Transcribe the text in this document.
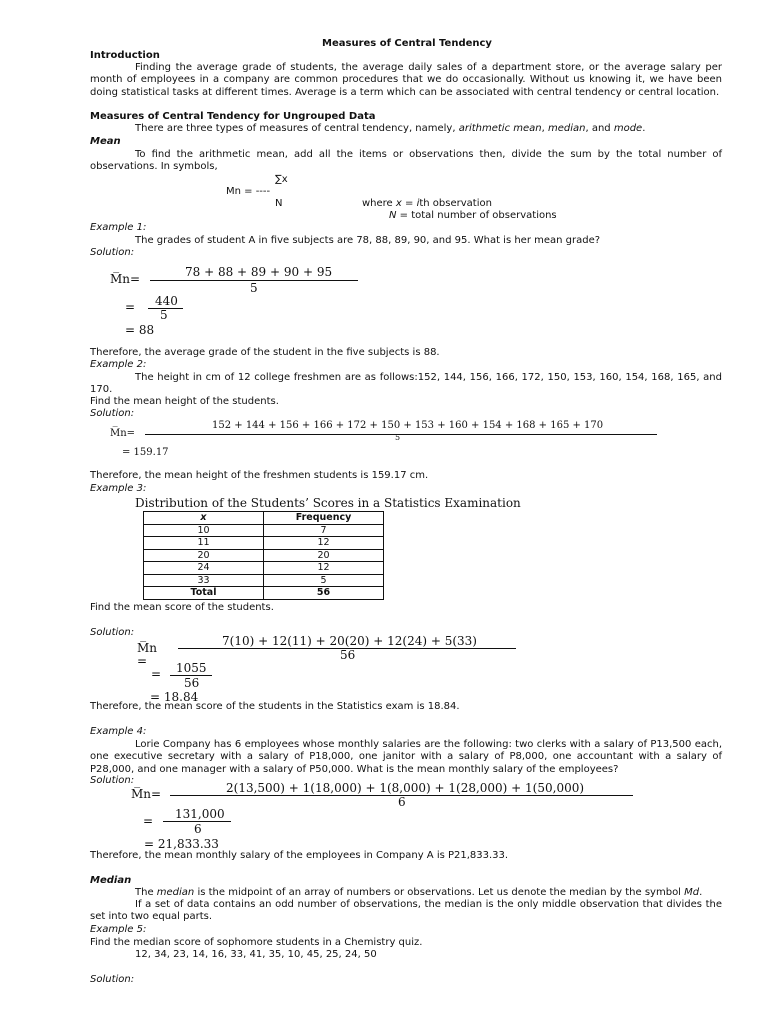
Measures of Central Tendency
Introduction
Finding the average grade of students, the average daily sales of a department store, or the average salary per month of employees in a company are common procedures that we do occasionally. Without us knowing it, we have been doing statistical tasks at different times. Average is a term which can be associated with central tendency or central location.
Measures of Central Tendency for Ungrouped Data
There are three types of measures of central tendency, namely, arithmetic mean, median, and mode.
Mean
To find the arithmetic mean, add all the items or observations then, divide the sum by the total number of observations. In symbols,
∑x
Mn = ----
N	where x = ith observation
N = total number of observations
Example 1:
The grades of student A in five subjects are 78, 88, 89, 90, and 95. What is her mean grade?
Solution:
M̅n=	78 + 88 + 89 + 90 + 95
5
= 440
5
= 88
Therefore, the average grade of the student in the five subjects is 88.
Example 2:
The height in cm of 12 college freshmen are as follows:152, 144, 156, 166, 172, 150, 153, 160, 154, 168, 165, and 170.
Find the mean height of the students.
Solution:
152 + 144 + 156 + 166 + 172 + 150 + 153 + 160 + 154 + 168 + 165 + 170
M̅n=	5
= 159.17
Therefore, the mean height of the freshmen students is 159.17 cm.
Example 3:
Distribution of the Students’ Scores in a Statistics Examination
x	Frequency
10	7
11	12
20	20
24	12
33	5
Total	56
Find the mean score of the students.
Solution:
M̅n	7(10) + 12(11) + 20(20) + 12(24) + 5(33)
56
=
= 1055
56
= 18.84
Therefore, the mean score of the students in the Statistics exam is 18.84.
Example 4:
Lorie Company has 6 employees whose monthly salaries are the following: two clerks with a salary of P13,500 each, one executive secretary with a salary of P18,000, one janitor with a salary of P8,000, one accountant with a salary of P28,000, and one manager with a salary of P50,000. What is the mean monthly salary of the employees?
Solution:
M̅n=	2(13,500) + 1(18,000) + 1(8,000) + 1(28,000) + 1(50,000)
6
= 131,000
6
= 21,833.33
Therefore, the mean monthly salary of the employees in Company A is P21,833.33.
Median
The median is the midpoint of an array of numbers or observations. Let us denote the median by the symbol Md.
If a set of data contains an odd number of observations, the median is the only middle observation that divides the set into two equal parts.
Example 5:
Find the median score of sophomore students in a Chemistry quiz.
12, 34, 23, 14, 16, 33, 41, 35, 10, 45, 25, 24, 50
Solution:
